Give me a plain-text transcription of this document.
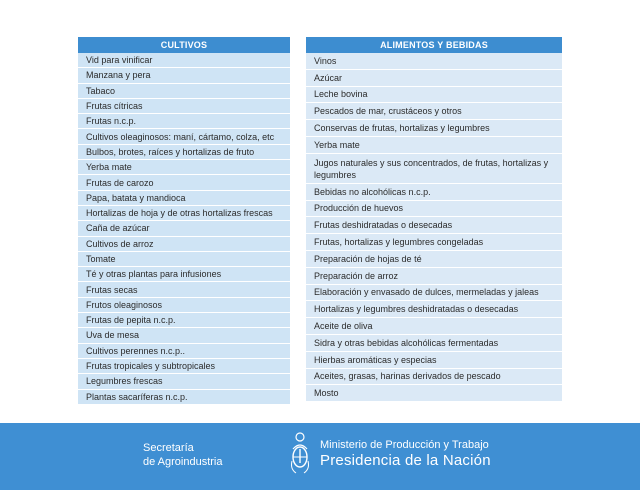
CULTIVOS
Vid para vinificar
Manzana y pera
Tabaco
Frutas cítricas
Frutas n.c.p.
Cultivos oleaginosos: maní, cártamo, colza, etc
Bulbos, brotes, raíces y hortalizas de fruto
Yerba mate
Frutas de carozo
Papa, batata y mandioca
Hortalizas de hoja y de otras hortalizas frescas
Caña de azúcar
Cultivos de arroz
Tomate
Té y otras plantas para infusiones
Frutas secas
Frutos oleaginosos
Frutas de pepita n.c.p.
Uva de mesa
Cultivos perennes n.c.p..
Frutas tropicales y subtropicales
Legumbres frescas
Plantas sacaríferas n.c.p.
ALIMENTOS Y BEBIDAS
Vinos
Azúcar
Leche bovina
Pescados de mar, crustáceos y otros
Conservas de frutas, hortalizas y legumbres
Yerba mate
Jugos naturales y sus concentrados, de frutas, hortalizas y legumbres
Bebidas no alcohólicas n.c.p.
Producción de huevos
Frutas deshidratadas o desecadas
Frutas, hortalizas y legumbres congeladas
Preparación de hojas de té
Preparación de arroz
Elaboración y envasado de dulces, mermeladas y jaleas
Hortalizas y legumbres deshidratadas o desecadas
Aceite de oliva
Sidra y otras bebidas alcohólicas fermentadas
Hierbas aromáticas y especias
Aceites, grasas, harinas derivados de pescado
Mosto
Secretaría
de Agroindustria
Ministerio de Producción y Trabajo
Presidencia de la Nación
